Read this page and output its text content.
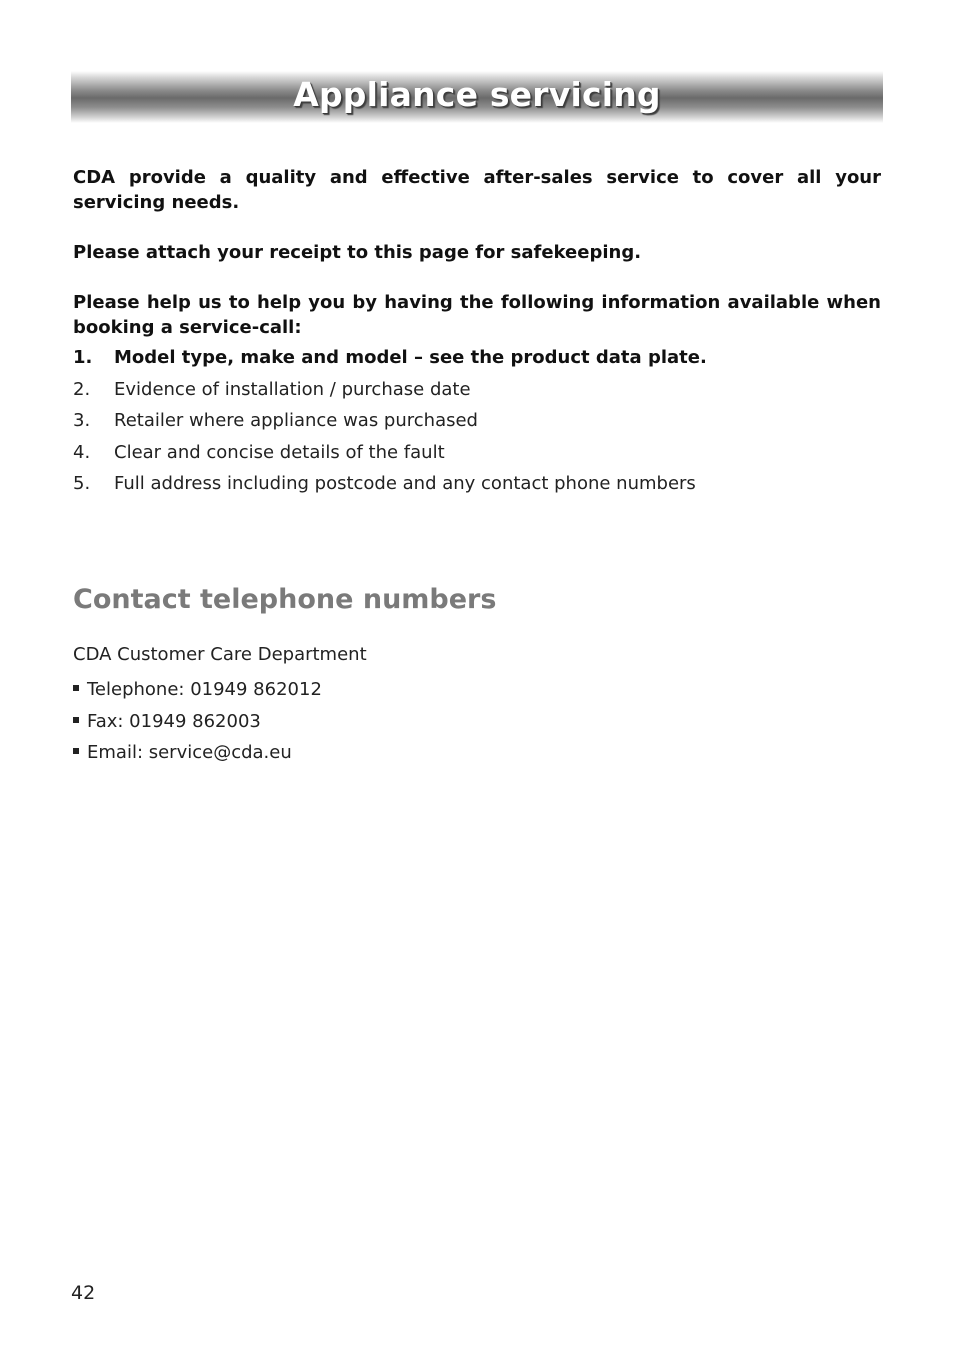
Appliance servicing
CDA provide a quality and effective after-sales service to cover all your servicing needs.
Please attach your receipt to this page for safekeeping.
Please help us to help you by having the following information available when booking a service-call:
1.	Model type, make and model – see the product data plate.
2.	Evidence of installation / purchase date
3.	Retailer where appliance was purchased
4.	Clear and concise details of the fault
5.	Full address including postcode and any contact phone numbers
Contact telephone numbers
CDA Customer Care Department
Telephone: 01949 862012
Fax: 01949 862003
Email: service@cda.eu
42
